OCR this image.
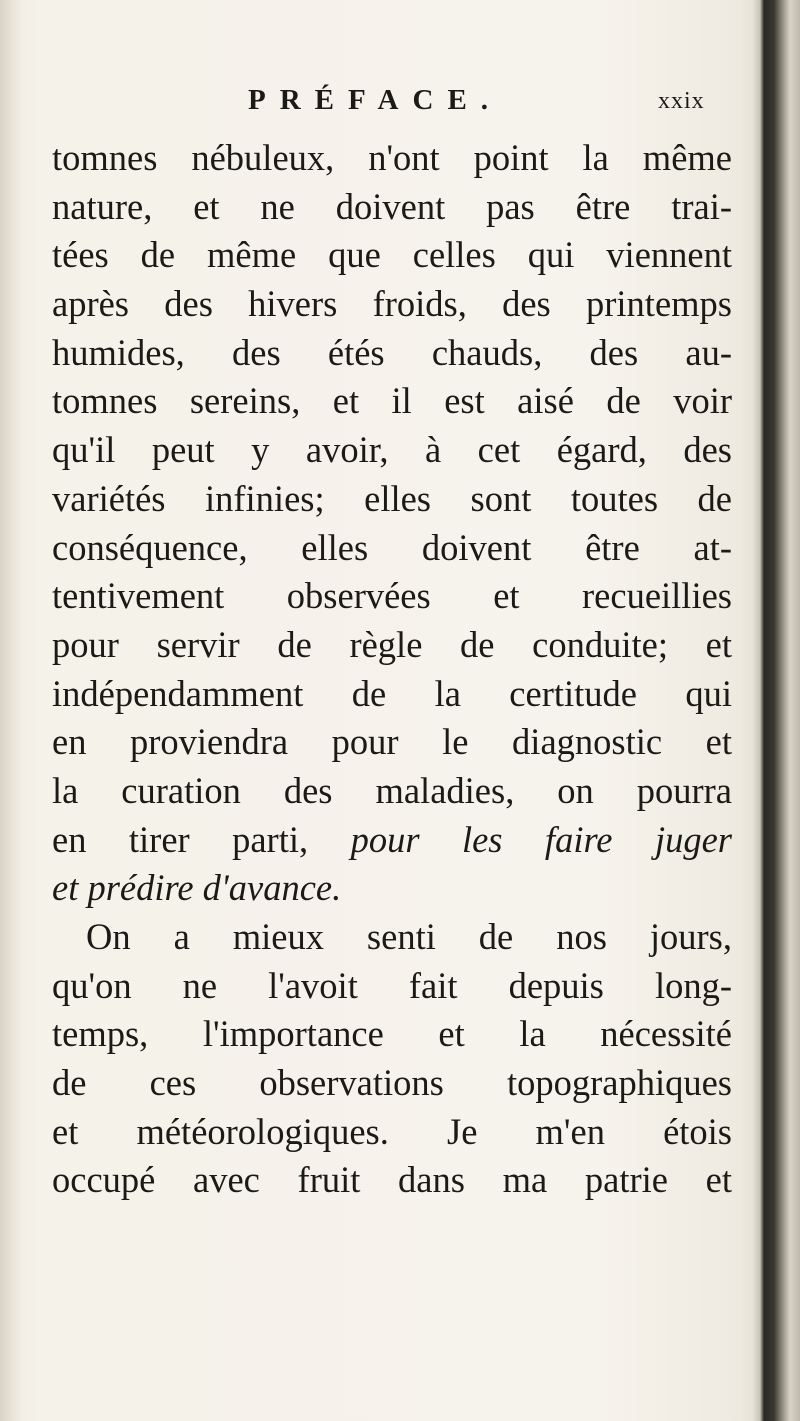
PRÉFACE.	xxix
tomnes nébuleux, n'ont point la même
nature, et ne doivent pas être trai-
tées de même que celles qui viennent
après des hivers froids, des printemps
humides, des étés chauds, des au-
tomnes sereins, et il est aisé de voir
qu'il peut y avoir, à cet égard, des
variétés infinies; elles sont toutes de
conséquence, elles doivent être at-
tentivement observées et recueillies
pour servir de règle de conduite; et
indépendamment de la certitude qui
en proviendra pour le diagnostic et
la curation des maladies, on pourra
en tirer parti, pour les faire juger
et prédire d'avance.
On a mieux senti de nos jours,
qu'on ne l'avoit fait depuis long-
temps, l'importance et la nécessité
de ces observations topographiques
et météorologiques. Je m'en étois
occupé avec fruit dans ma patrie et
